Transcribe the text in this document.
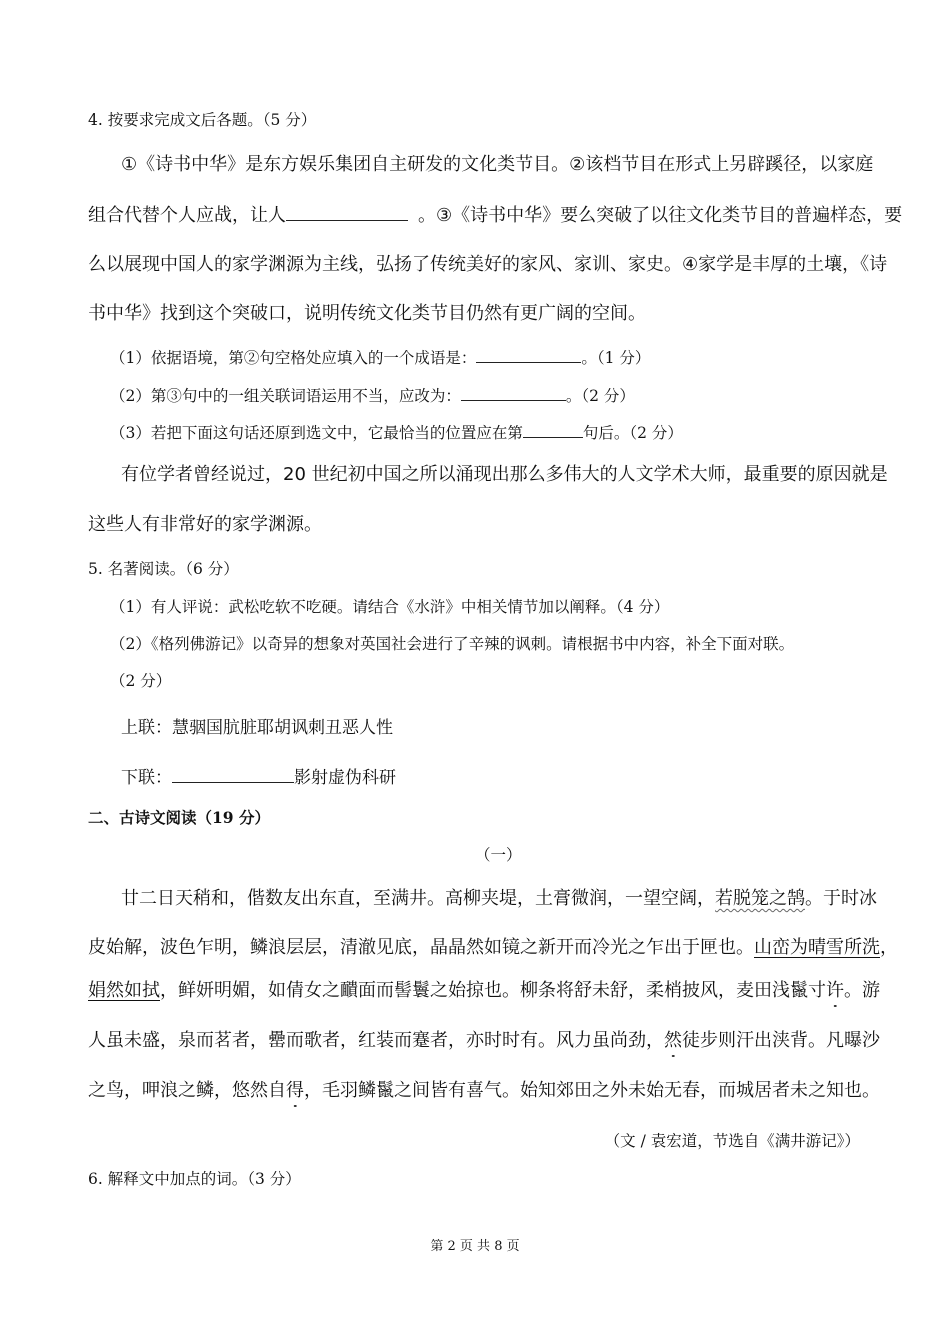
4. 按要求完成文后各题。（5 分）
①《诗书中华》是东方娱乐集团自主研发的文化类节目。②该档节目在形式上另辟蹊径，以家庭
组合代替个人应战，让人	。③《诗书中华》要么突破了以往文化类节目的普遍样态，要
么以展现中国人的家学渊源为主线，弘扬了传统美好的家风、家训、家史。④家学是丰厚的土壤，《诗
书中华》找到这个突破口，说明传统文化类节目仍然有更广阔的空间。
（1）依据语境，第②句空格处应填入的一个成语是：	。（1 分）
（2）第③句中的一组关联词语运用不当，应改为：	。（2 分）
（3）若把下面这句话还原到选文中，它最恰当的位置应在第	句后。（2 分）
有位学者曾经说过，20 世纪初中国之所以涌现出那么多伟大的人文学术大师，最重要的原因就是
这些人有非常好的家学渊源。
5. 名著阅读。（6 分）
（1）有人评说：武松吃软不吃硬。请结合《水浒》中相关情节加以阐释。（4 分）
（2）《格列佛游记》以奇异的想象对英国社会进行了辛辣的讽刺。请根据书中内容，补全下面对联。
（2 分）
上联：慧骃国肮脏耶胡讽刺丑恶人性
下联：	影射虚伪科研
二、古诗文阅读（19 分）
（一）
廿二日天稍和，偕数友出东直，至满井。高柳夹堤，土膏微润，一望空阔，若脱笼之鹄。于时冰
皮始解，波色乍明，鳞浪层层，清澈见底，晶晶然如镜之新开而冷光之乍出于匣也。山峦为晴雪所洗，
娟然如拭，鲜妍明媚，如倩女之靧面而髻鬟之始掠也。柳条将舒未舒，柔梢披风，麦田浅鬣寸许。游
人虽未盛，泉而茗者，罍而歌者，红装而蹇者，亦时时有。风力虽尚劲，然徒步则汗出浃背。凡曝沙
之鸟，呷浪之鳞，悠然自得，毛羽鳞鬣之间皆有喜气。始知郊田之外未始无春，而城居者未之知也。
（文 / 袁宏道，节选自《满井游记》）
6. 解释文中加点的词。（3 分）
第 2 页 共 8 页
